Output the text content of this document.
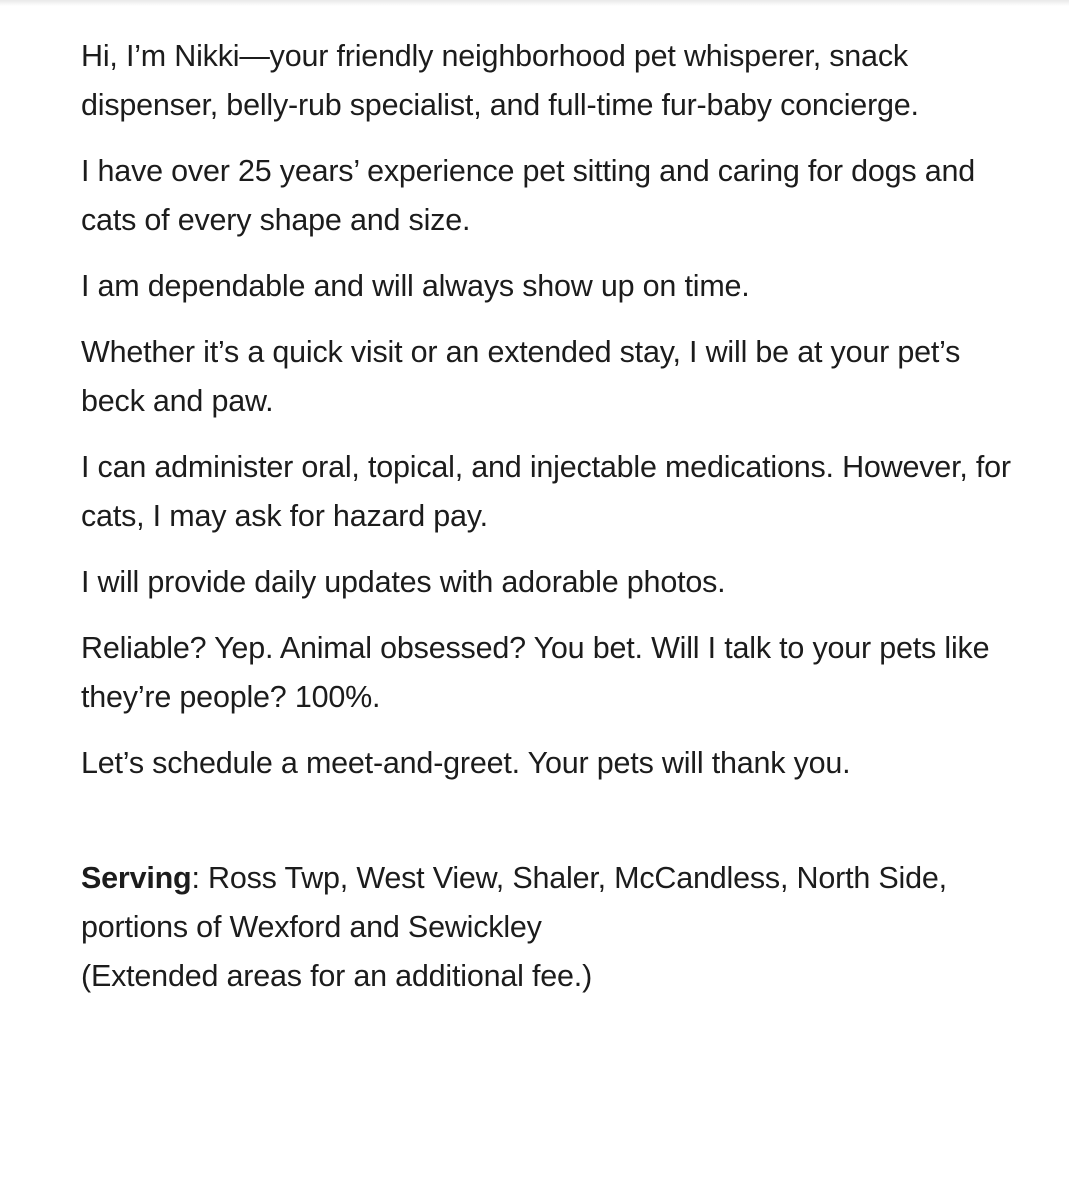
Hi, I’m Nikki—your friendly neighborhood pet whisperer, snack dispenser, belly-rub specialist, and full-time fur-baby concierge.

I have over 25 years’ experience pet sitting and caring for dogs and cats of every shape and size.

I am dependable and will always show up on time.

Whether it’s a quick visit or an extended stay, I will be at your pet’s beck and paw.

I can administer oral, topical, and injectable medications. However, for cats, I may ask for hazard pay.

I will provide daily updates with adorable photos.

Reliable? Yep. Animal obsessed? You bet. Will I talk to your pets like they’re people? 100%.

Let’s schedule a meet-and-greet. Your pets will thank you.

Serving: Ross Twp, West View, Shaler, McCandless, North Side, portions of Wexford and Sewickley
(Extended areas for an additional fee.)
